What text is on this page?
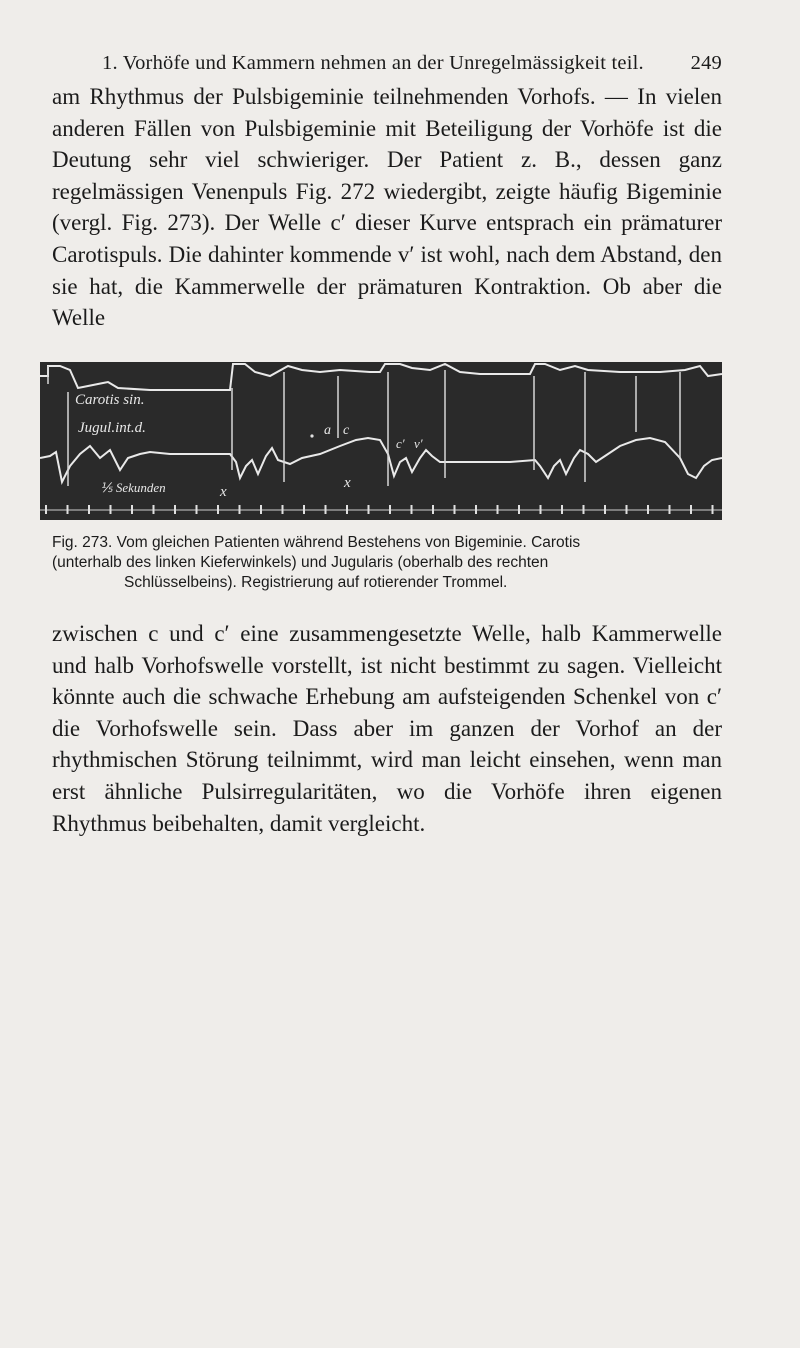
1. Vorhöfe und Kammern nehmen an der Unregelmässigkeit teil. 249

am Rhythmus der Pulsbigeminie teilnehmenden Vorhofs. — In vielen anderen Fällen von Pulsbigeminie mit Beteiligung der Vorhöfe ist die Deutung sehr viel schwieriger. Der Patient z. B., dessen ganz regelmässigen Venenpuls Fig. 272 wiedergibt, zeigte häufig Bigeminie (vergl. Fig. 273). Der Welle c′ dieser Kurve entsprach ein prämaturer Carotispuls. Die dahinter kommende v′ ist wohl, nach dem Abstand, den sie hat, die Kammerwelle der prämaturen Kontraktion. Ob aber die Welle

Carotis sin.
Jugul.int.d.
⅕ Sekunden	x
x
a c
c′ v′
Fig. 273. Vom gleichen Patienten während Bestehens von Bigeminie. Carotis
(unterhalb des linken Kieferwinkels) und Jugularis (oberhalb des rechten
Schlüsselbeins). Registrierung auf rotierender Trommel.

zwischen c und c′ eine zusammengesetzte Welle, halb Kammerwelle und halb Vorhofswelle vorstellt, ist nicht bestimmt zu sagen. Vielleicht könnte auch die schwache Erhebung am aufsteigenden Schenkel von c′ die Vorhofswelle sein. Dass aber im ganzen der Vorhof an der rhythmischen Störung teilnimmt, wird man leicht einsehen, wenn man erst ähnliche Pulsirregularitäten, wo die Vorhöfe ihren eigenen Rhythmus beibehalten, damit vergleicht.
